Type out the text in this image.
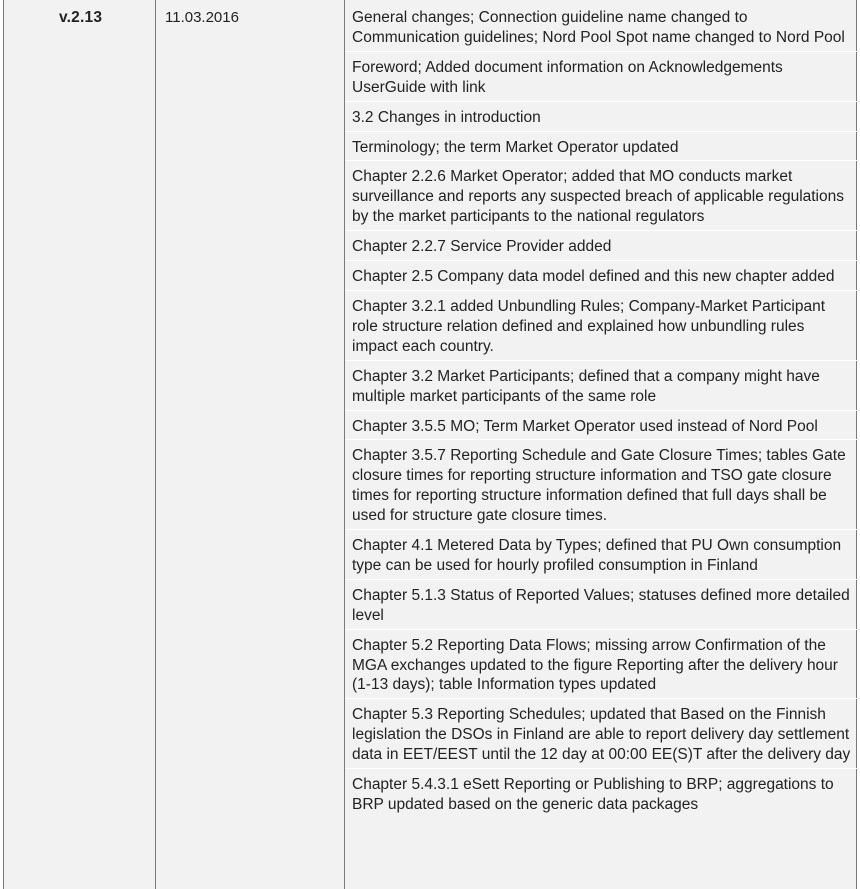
v.2.13	11.03.2016	General changes; Connection guideline name changed to Communication guidelines; Nord Pool Spot name changed to Nord Pool
Foreword; Added document information on Acknowledgements UserGuide with link
3.2 Changes in introduction
Terminology; the term Market Operator updated
Chapter 2.2.6 Market Operator; added that MO conducts market surveillance and reports any suspected breach of applicable regulations by the market participants to the national regulators
Chapter 2.2.7 Service Provider added
Chapter 2.5 Company data model defined and this new chapter added
Chapter 3.2.1 added Unbundling Rules; Company-Market Participant role structure relation defined and explained how unbundling rules impact each country.
Chapter 3.2 Market Participants; defined that a company might have multiple market participants of the same role
Chapter 3.5.5 MO; Term Market Operator used instead of Nord Pool
Chapter 3.5.7 Reporting Schedule and Gate Closure Times; tables Gate closure times for reporting structure information and TSO gate closure times for reporting structure information defined that full days shall be used for structure gate closure times.
Chapter 4.1 Metered Data by Types; defined that PU Own consumption type can be used for hourly profiled consumption in Finland
Chapter 5.1.3 Status of Reported Values; statuses defined more detailed level
Chapter 5.2 Reporting Data Flows; missing arrow Confirmation of the MGA exchanges updated to the figure Reporting after the delivery hour (1-13 days); table Information types updated
Chapter 5.3 Reporting Schedules; updated that Based on the Finnish legislation the DSOs in Finland are able to report delivery day settlement data in EET/EEST until the 12 day at 00:00 EE(S)T after the delivery day
Chapter 5.4.3.1 eSett Reporting or Publishing to BRP; aggregations to BRP updated based on the generic data packages
